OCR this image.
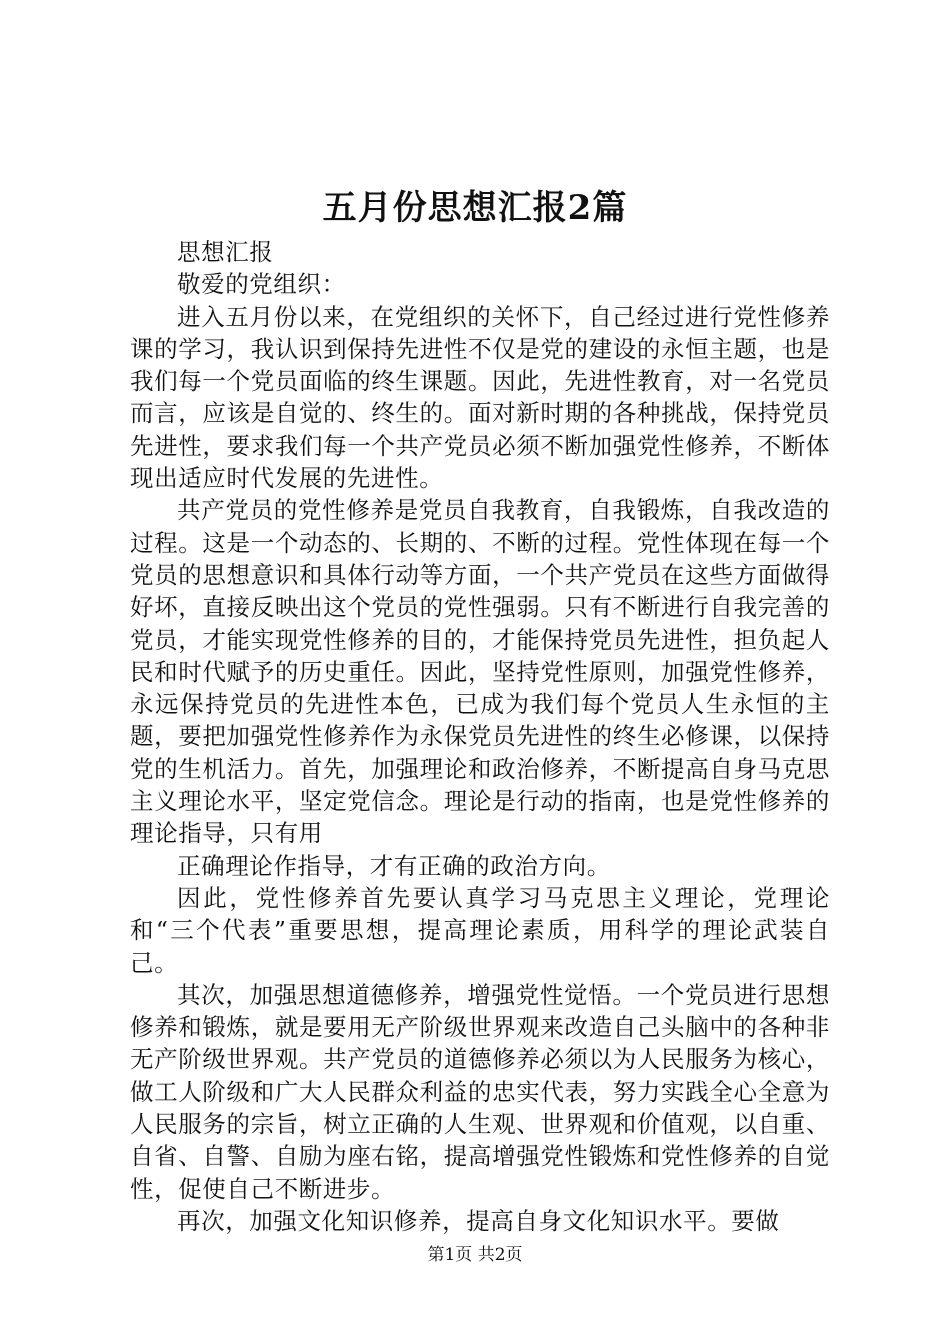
五月份思想汇报2篇

思想汇报

敬爱的党组织：

进入五月份以来，在党组织的关怀下，自己经过进行党性修养课的学习，我认识到保持先进性不仅是党的建设的永恒主题，也是我们每一个党员面临的终生课题。因此，先进性教育，对一名党员而言，应该是自觉的、终生的。面对新时期的各种挑战，保持党员先进性，要求我们每一个共产党员必须不断加强党性修养，不断体现出适应时代发展的先进性。

共产党员的党性修养是党员自我教育，自我锻炼，自我改造的过程。这是一个动态的、长期的、不断的过程。党性体现在每一个党员的思想意识和具体行动等方面，一个共产党员在这些方面做得好坏，直接反映出这个党员的党性强弱。只有不断进行自我完善的党员，才能实现党性修养的目的，才能保持党员先进性，担负起人民和时代赋予的历史重任。因此，坚持党性原则，加强党性修养，永远保持党员的先进性本色，已成为我们每个党员人生永恒的主题，要把加强党性修养作为永保党员先进性的终生必修课，以保持党的生机活力。首先，加强理论和政治修养，不断提高自身马克思主义理论水平，坚定党信念。理论是行动的指南，也是党性修养的理论指导，只有用

正确理论作指导，才有正确的政治方向。

因此，党性修养首先要认真学习马克思主义理论，党理论和“三个代表”重要思想，提高理论素质，用科学的理论武装自己。

其次，加强思想道德修养，增强党性觉悟。一个党员进行思想修养和锻炼，就是要用无产阶级世界观来改造自己头脑中的各种非无产阶级世界观。共产党员的道德修养必须以为人民服务为核心，做工人阶级和广大人民群众利益的忠实代表，努力实践全心全意为人民服务的宗旨，树立正确的人生观、世界观和价值观，以自重、自省、自警、自励为座右铭，提高增强党性锻炼和党性修养的自觉性，促使自己不断进步。

再次，加强文化知识修养，提高自身文化知识水平。要做

第1页 共2页
